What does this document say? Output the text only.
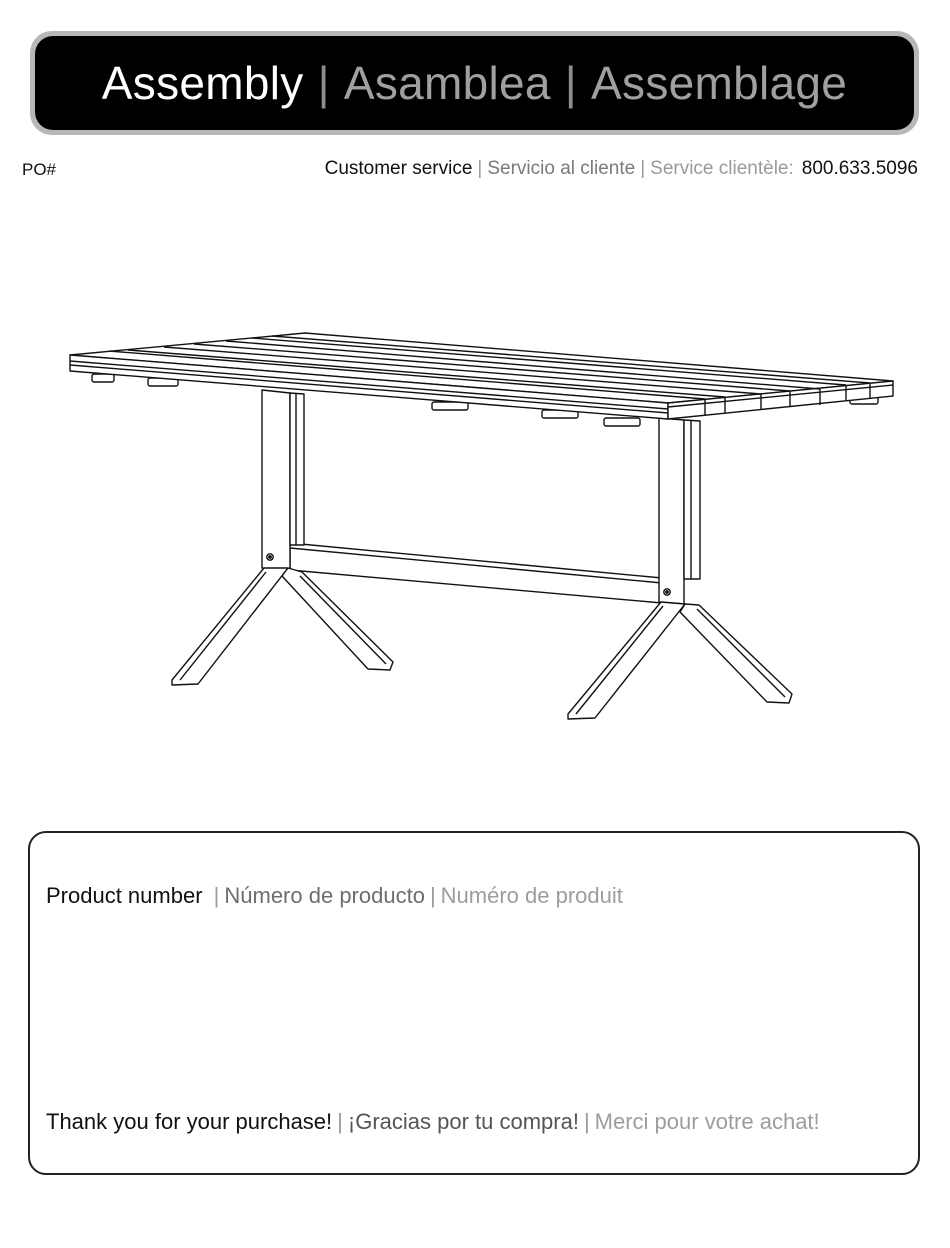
Assembly | Asamblea | Assemblage
PO#	Customer service | Servicio al cliente | Service clientèle: 800.633.5096
Product number | Número de producto | Numéro de produit
Thank you for your purchase! | ¡Gracias por tu compra! | Merci pour votre achat!
